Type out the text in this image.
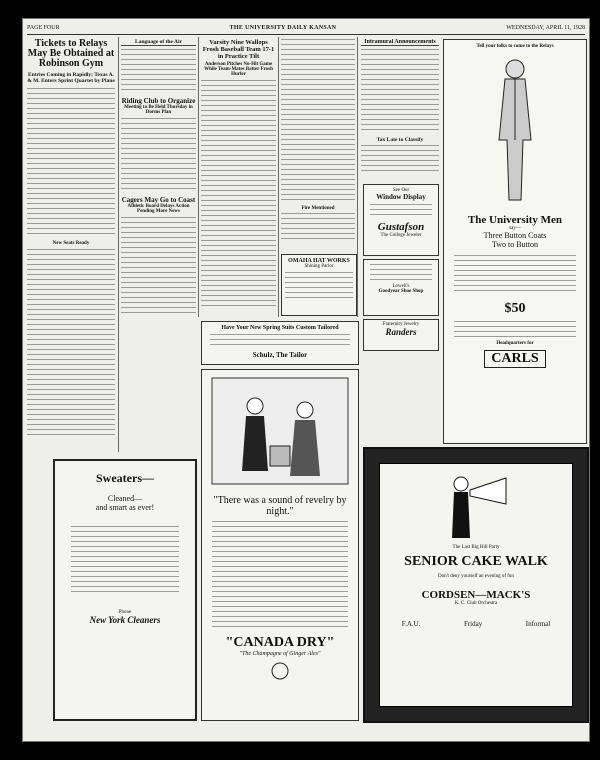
PAGE FOUR	THE UNIVERSITY DAILY KANSAN	WEDNESDAY, APRIL 11, 1928
Tickets to Relays May Be Obtained at Robinson Gym
Entries Coming in Rapidly; Texas A. & M. Enters Sprint Quartet by Plane
New Seats Ready
Language of the Air
Riding Club to Organize
Meeting to Be Held Thursday in Dorms Plan
Cagers May Go to Coast
Athletic Board Delays Action Pending More News
Varsity Nine Wallops Frosh Baseball Team 17-1 in Practice Tilt
Anderson Pitches No-Hit Game While Team-Mates Batter Frosh Hurler
Fire Mentioned
OMAHA HAT WORKS
Shining Parlor
Intramural Announcements
Tax Late to Classify
See Our
Window Display
Gustafson
The College Jeweler
Lowell's
Goodyear Shoe Shop
Fraternity Jewelry
Randers
Tell your folks to come to the Relays
The University Men
say—
Three Button Coats
Two to Button
$50
Headquarters for
CARLS
Have Your New Spring Suits Custom Tailored
Schulz, The Tailor
Sweaters—
Cleaned—
and smart as ever!
Phone
New York Cleaners
"There was a sound of revelry by night."
"CANADA DRY"
"The Champagne of Ginger Ales"
The Last Big Hill Party
SENIOR CAKE WALK
Don't deny yourself an evening of fun
CORDSEN—MACK'S
K. C. Club Orchestra
F.A.U.	Friday	Informal
